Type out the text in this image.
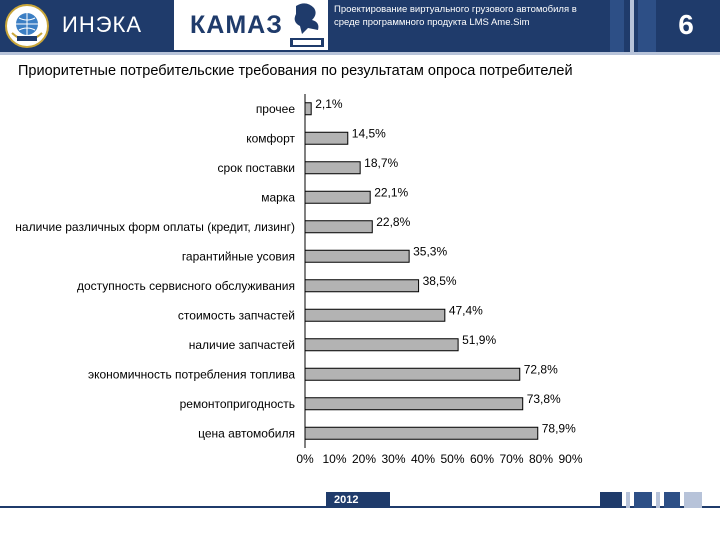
ИНЭКА КАМАЗ
Проектирование виртуального грузового автомобиля в среде программного продукта LMS Ame.Sim	6
Приоритетные потребительские требования по результатам опроса потребителей
0% 10% 20% 30% 40% 50% 60% 70% 80% 90%
прочее 2,1%
комфорт	14,5%
срок поставки	18,7%
марка	22,1%
наличие различных форм оплаты (кредит, лизинг)	22,8%
гарантийные усовия	35,3%
доступность сервисного обслуживания	38,5%
стоимость запчастей	47,4%
наличие запчастей	51,9%
экономичность потребления топлива	72,8%
ремонтопригодность	73,8%
цена автомобиля	78,9%
2012
